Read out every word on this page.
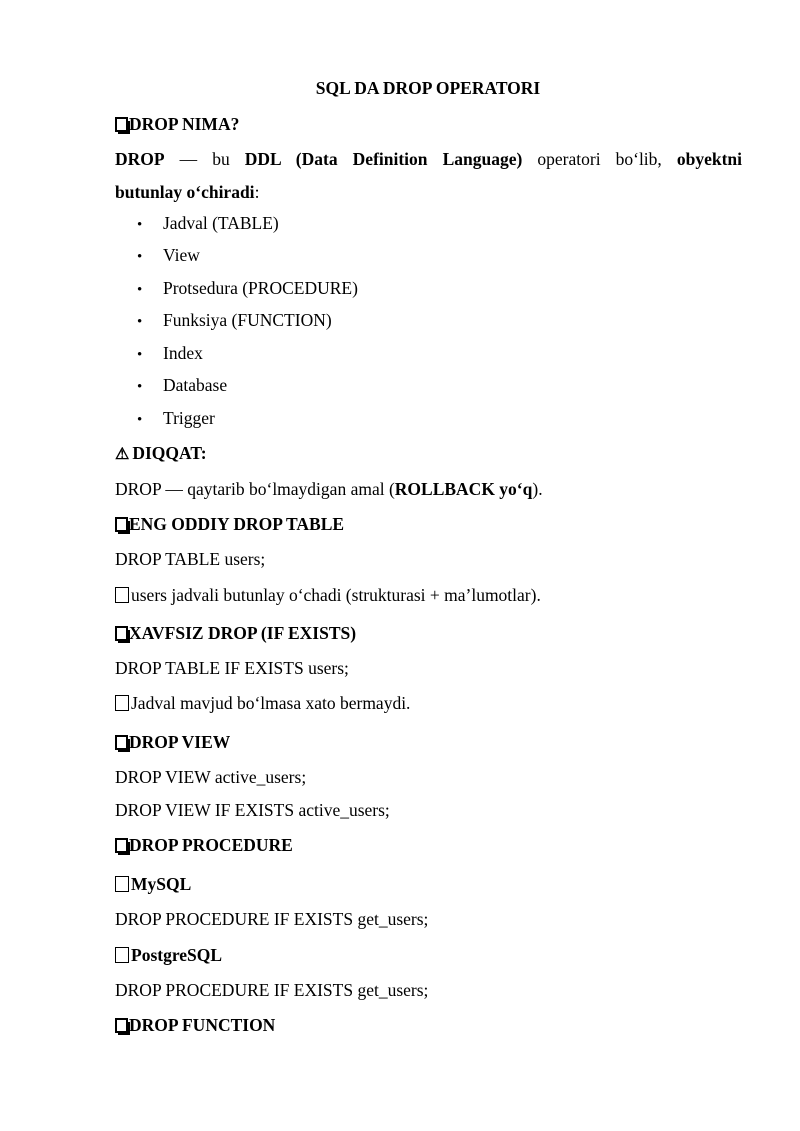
SQL DA DROP OPERATORI
DROP NIMA?
DROP — bu DDL (Data Definition Language) operatori bo‘lib, obyektni
butunlay o‘chiradi:
• Jadval (TABLE)
• View
• Protsedura (PROCEDURE)
• Funksiya (FUNCTION)
• Index
• Database
• Trigger
⚠ DIQQAT:
DROP — qaytarib bo‘lmaydigan amal (ROLLBACK yo‘q).
ENG ODDIY DROP TABLE
DROP TABLE users;
users jadvali butunlay o‘chadi (strukturasi + ma’lumotlar).
XAVFSIZ DROP (IF EXISTS)
DROP TABLE IF EXISTS users;
Jadval mavjud bo‘lmasa xato bermaydi.
DROP VIEW
DROP VIEW active_users;
DROP VIEW IF EXISTS active_users;
DROP PROCEDURE
MySQL
DROP PROCEDURE IF EXISTS get_users;
PostgreSQL
DROP PROCEDURE IF EXISTS get_users;
DROP FUNCTION
